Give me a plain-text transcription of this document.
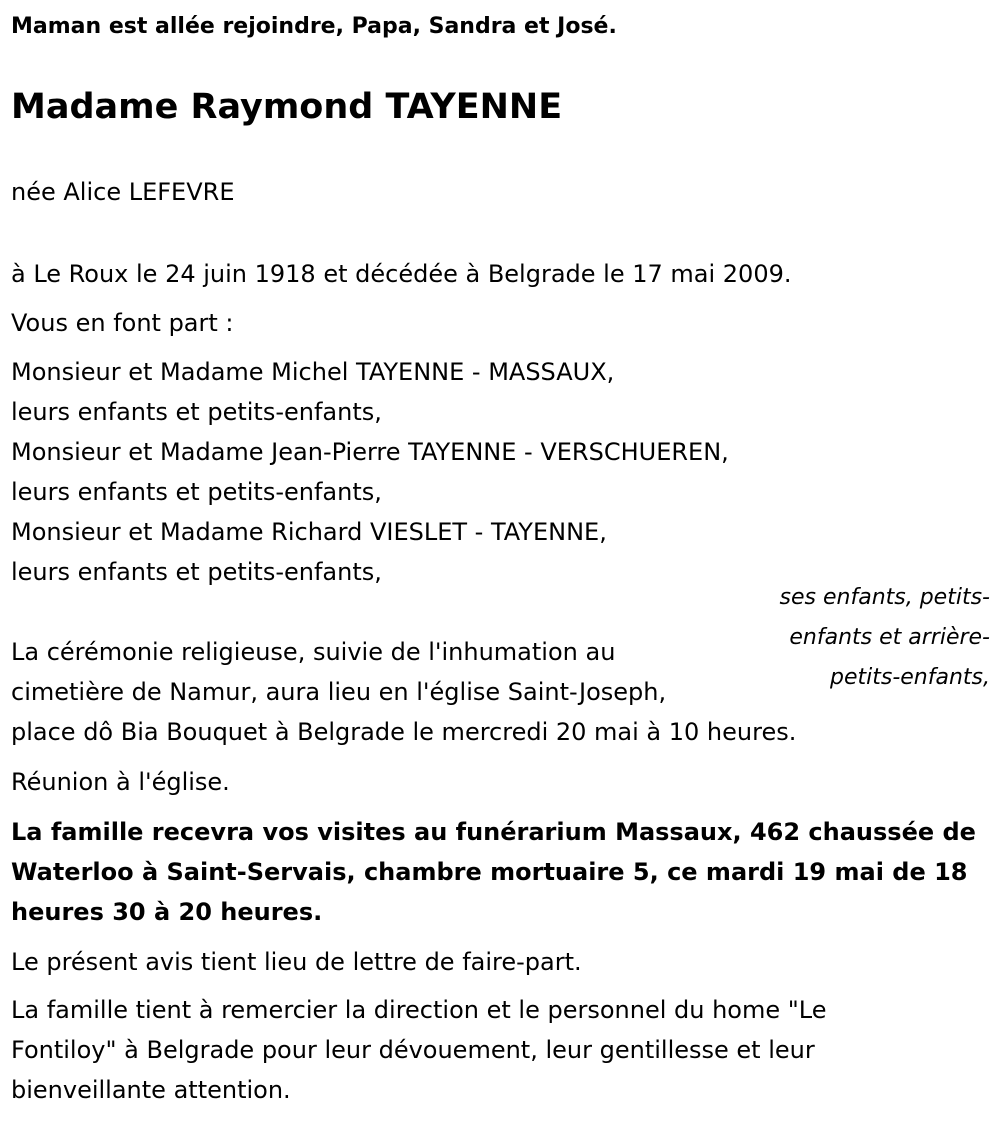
Maman est allée rejoindre, Papa, Sandra et José.

Madame Raymond TAYENNE

née Alice LEFEVRE

à Le Roux le 24 juin 1918 et décédée à Belgrade le 17 mai 2009.

Vous en font part :

Monsieur et Madame Michel TAYENNE - MASSAUX,
leurs enfants et petits-enfants,
Monsieur et Madame Jean-Pierre TAYENNE - VERSCHUEREN,
leurs enfants et petits-enfants,
Monsieur et Madame Richard VIESLET - TAYENNE,
leurs enfants et petits-enfants,
ses enfants, petits-
enfants et arrière-
petits-enfants,
La cérémonie religieuse, suivie de l'inhumation au
cimetière de Namur, aura lieu en l'église Saint-Joseph,
place dô Bia Bouquet à Belgrade le mercredi 20 mai à 10 heures.

Réunion à l'église.

La famille recevra vos visites au funérarium Massaux, 462 chaussée de
Waterloo à Saint-Servais, chambre mortuaire 5, ce mardi 19 mai de 18
heures 30 à 20 heures.

Le présent avis tient lieu de lettre de faire-part.

La famille tient à remercier la direction et le personnel du home "Le
Fontiloy" à Belgrade pour leur dévouement, leur gentillesse et leur
bienveillante attention.
